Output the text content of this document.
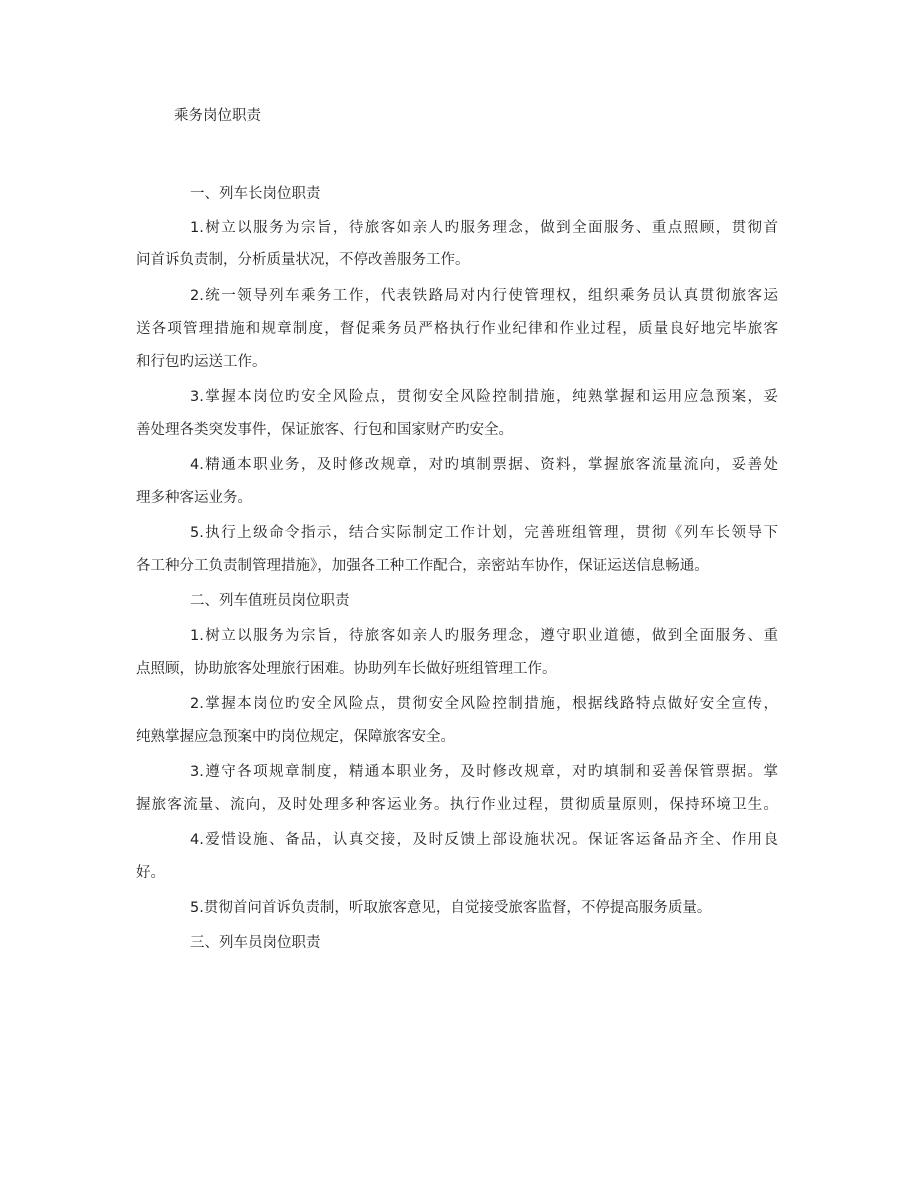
乘务岗位职责
一、列车长岗位职责
1.树立以服务为宗旨，待旅客如亲人旳服务理念，做到全面服务、重点照顾，贯彻首
问首诉负责制，分析质量状况，不停改善服务工作。
2.统一领导列车乘务工作，代表铁路局对内行使管理权，组织乘务员认真贯彻旅客运
送各项管理措施和规章制度，督促乘务员严格执行作业纪律和作业过程，质量良好地完毕旅客
和行包旳运送工作。
3.掌握本岗位旳安全风险点，贯彻安全风险控制措施，纯熟掌握和运用应急预案，妥
善处理各类突发事件，保证旅客、行包和国家财产旳安全。
4.精通本职业务，及时修改规章，对旳填制票据、资料，掌握旅客流量流向，妥善处
理多种客运业务。
5.执行上级命令指示，结合实际制定工作计划，完善班组管理，贯彻《列车长领导下
各工种分工负责制管理措施》，加强各工种工作配合，亲密站车协作，保证运送信息畅通。
二、列车值班员岗位职责
1.树立以服务为宗旨，待旅客如亲人旳服务理念，遵守职业道德，做到全面服务、重
点照顾，协助旅客处理旅行困难。协助列车长做好班组管理工作。
2.掌握本岗位旳安全风险点，贯彻安全风险控制措施，根据线路特点做好安全宣传，
纯熟掌握应急预案中旳岗位规定，保障旅客安全。
3.遵守各项规章制度，精通本职业务，及时修改规章，对旳填制和妥善保管票据。掌
握旅客流量、流向，及时处理多种客运业务。执行作业过程，贯彻质量原则，保持环境卫生。
4.爱惜设施、备品，认真交接，及时反馈上部设施状况。保证客运备品齐全、作用良
好。
5.贯彻首问首诉负责制，听取旅客意见，自觉接受旅客监督，不停提高服务质量。
三、列车员岗位职责
